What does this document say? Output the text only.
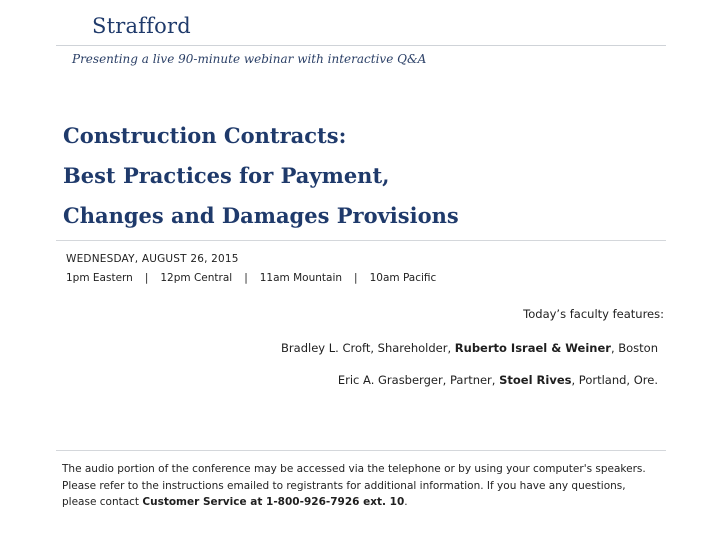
Strafford
Presenting a live 90-minute webinar with interactive Q&A
Construction Contracts:
Best Practices for Payment,
Changes and Damages Provisions
WEDNESDAY, AUGUST 26, 2015
1pm Eastern | 12pm Central | 11am Mountain | 10am Pacific
Today’s faculty features:
Bradley L. Croft, Shareholder, Ruberto Israel & Weiner, Boston
Eric A. Grasberger, Partner, Stoel Rives, Portland, Ore.
The audio portion of the conference may be accessed via the telephone or by using your computer's speakers. Please refer to the instructions emailed to registrants for additional information. If you have any questions, please contact Customer Service at 1-800-926-7926 ext. 10.
